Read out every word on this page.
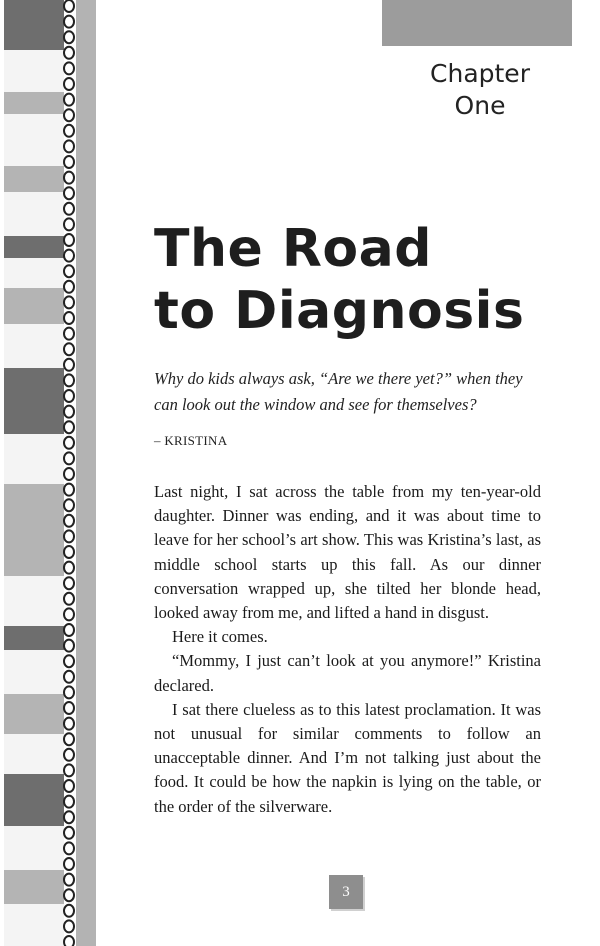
Chapter
One
The Road
to Diagnosis

Why do kids always ask, “Are we there yet?” when they can look out the window and see for themselves?

– KRISTINA

Last night, I sat across the table from my ten-year-old daughter. Dinner was ending, and it was about time to leave for her school’s art show. This was Kristina’s last, as middle school starts up this fall. As our dinner conversation wrapped up, she tilted her blonde head, looked away from me, and lifted a hand in disgust.

Here it comes.

“Mommy, I just can’t look at you anymore!” Kristina declared.

I sat there clueless as to this latest proclamation. It was not unusual for similar comments to follow an unacceptable dinner. And I’m not talking just about the food. It could be how the napkin is lying on the table, or the order of the silverware.

3
